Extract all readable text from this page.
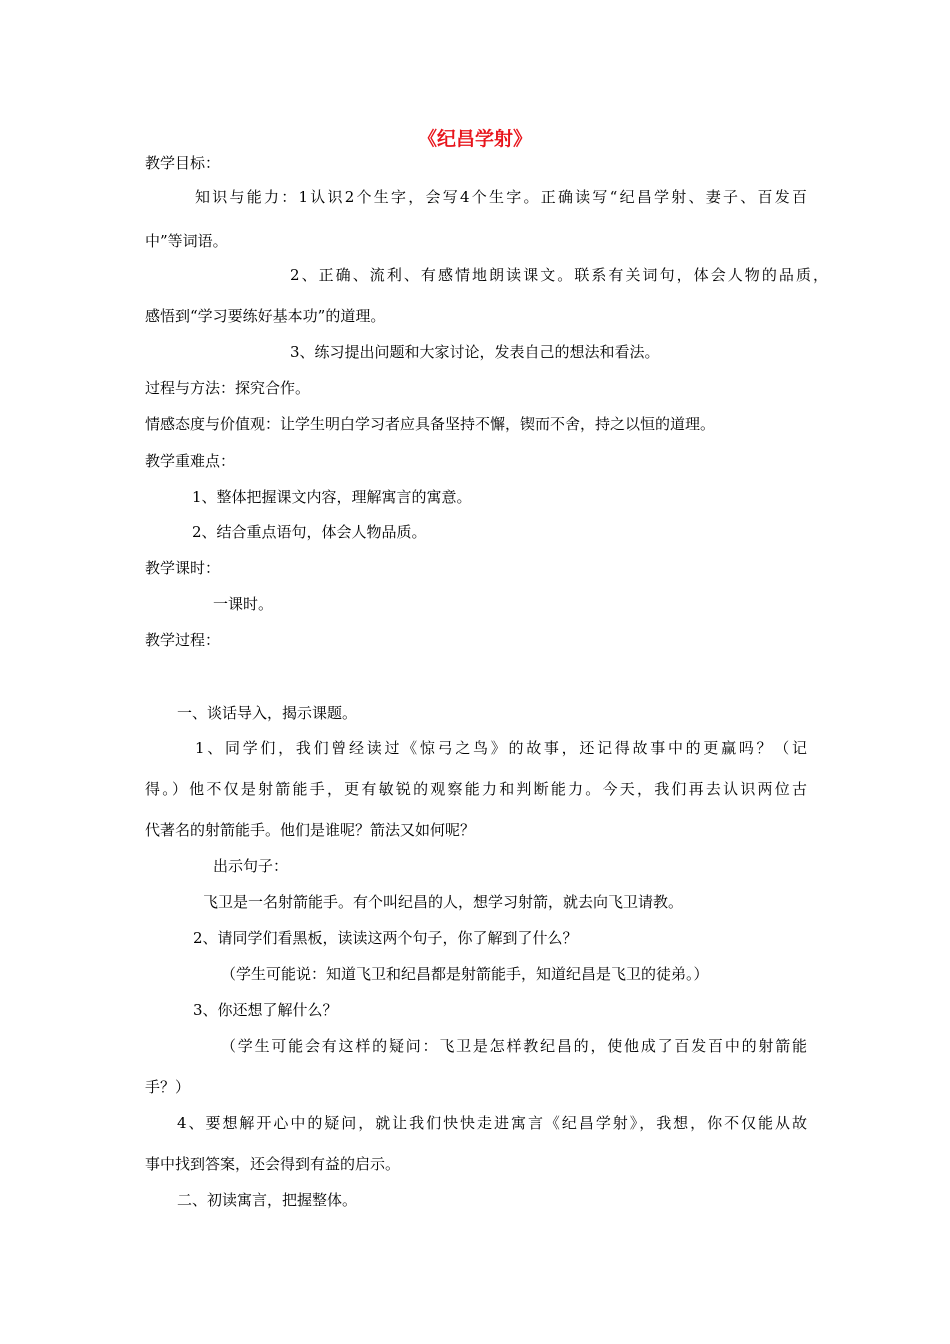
《纪昌学射》
教学目标：
知识与能力：1认识2个生字，会写4个生字。正确读写“纪昌学射、妻子、百发百
中”等词语。
2、正确、流利、有感情地朗读课文。联系有关词句，体会人物的品质，
感悟到“学习要练好基本功”的道理。
3、练习提出问题和大家讨论，发表自己的想法和看法。
过程与方法：探究合作。
情感态度与价值观：让学生明白学习者应具备坚持不懈，锲而不舍，持之以恒的道理。
教学重难点：
1、整体把握课文内容，理解寓言的寓意。
2、结合重点语句，体会人物品质。
教学课时：
一课时。
教学过程：
一、谈话导入，揭示课题。
1、同学们，我们曾经读过《惊弓之鸟》的故事，还记得故事中的更赢吗？（记
得。）他不仅是射箭能手，更有敏锐的观察能力和判断能力。今天，我们再去认识两位古
代著名的射箭能手。他们是谁呢？箭法又如何呢？
出示句子：
飞卫是一名射箭能手。有个叫纪昌的人，想学习射箭，就去向飞卫请教。
2、请同学们看黑板，读读这两个句子，你了解到了什么？
（学生可能说：知道飞卫和纪昌都是射箭能手，知道纪昌是飞卫的徒弟。）
3、你还想了解什么？
（学生可能会有这样的疑问：飞卫是怎样教纪昌的，使他成了百发百中的射箭能
手？）
4、要想解开心中的疑问，就让我们快快走进寓言《纪昌学射》，我想，你不仅能从故
事中找到答案，还会得到有益的启示。
二、初读寓言，把握整体。
